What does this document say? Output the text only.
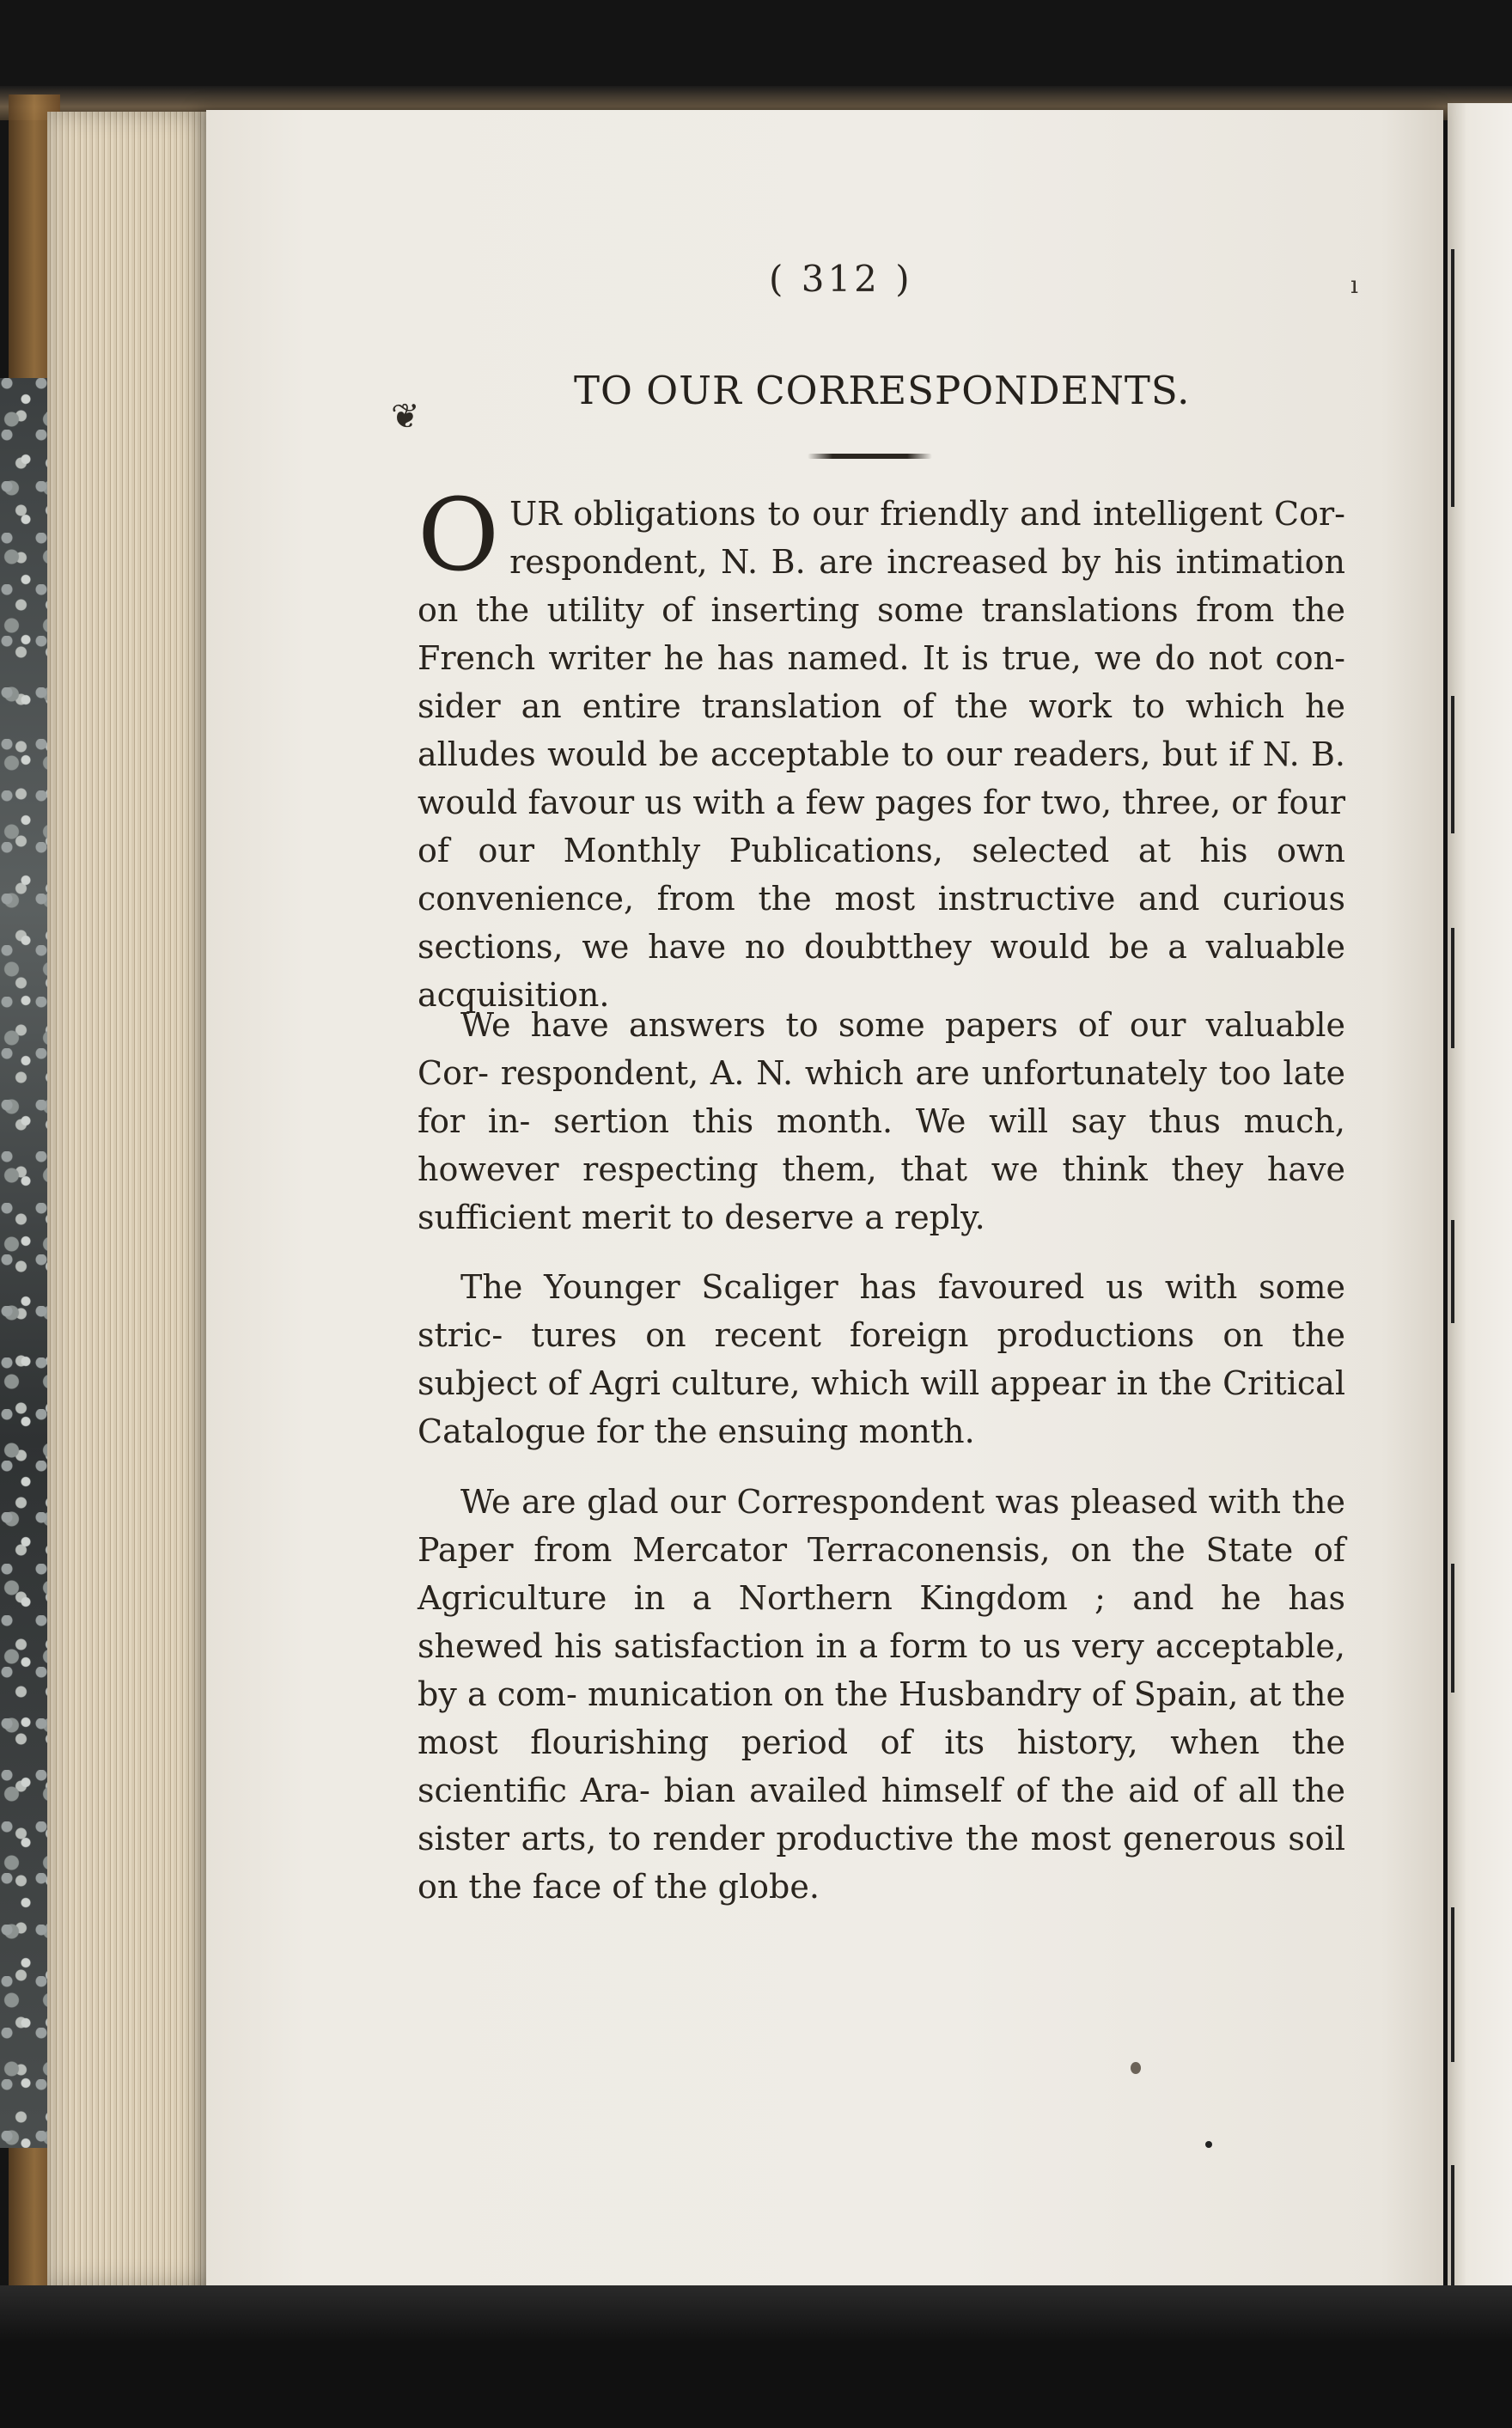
( 312 )	ı
❦
TO OUR CORRESPONDENTS.
OUR obligations to our friendly and intelligent Cor- respondent, N. B. are increased by his intimation on the utility of inserting some translations from the French writer he has named. It is true, we do not con- sider an entire translation of the work to which he alludes would be acceptable to our readers, but if N. B. would favour us with a few pages for two, three, or four of our Monthly Publications, selected at his own convenience, from the most instructive and curious sections, we have no doubtthey would be a valuable acquisition.
We have answers to some papers of our valuable Cor- respondent, A. N. which are unfortunately too late for in- sertion this month. We will say thus much, however respecting them, that we think they have sufficient merit to deserve a reply.
The Younger Scaliger has favoured us with some stric- tures on recent foreign productions on the subject of Agri culture, which will appear in the Critical Catalogue for the ensuing month.
We are glad our Correspondent was pleased with the Paper from Mercator Terraconensis, on the State of Agriculture in a Northern Kingdom ; and he has shewed his satisfaction in a form to us very acceptable, by a com- munication on the Husbandry of Spain, at the most flourishing period of its history, when the scientific Ara- bian availed himself of the aid of all the sister arts, to render productive the most generous soil on the face of the globe.
